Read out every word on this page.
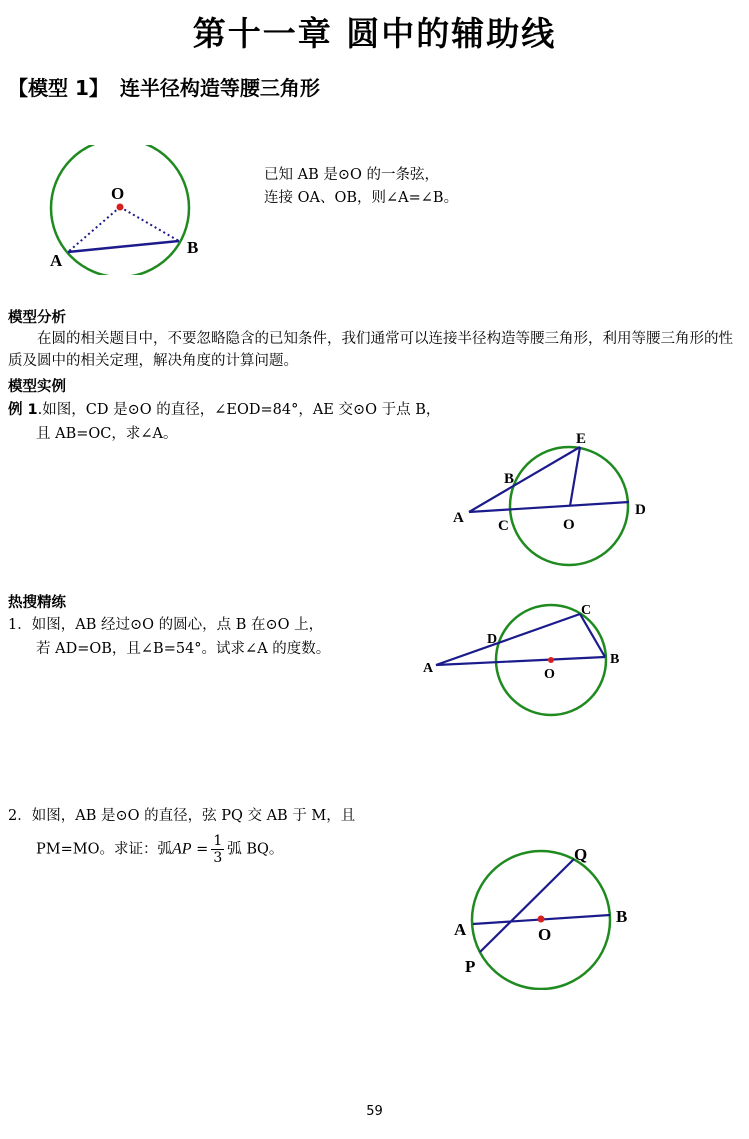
第十一章 圆中的辅助线
【模型 1】 连半径构造等腰三角形
O
A
B
已知 AB 是⊙O 的一条弦，
连接 OA、OB，则∠A=∠B。
模型分析
在圆的相关题目中，不要忽略隐含的已知条件，我们通常可以连接半径构造等腰三角形，利用等腰三角形的性质及圆中的相关定理，解决角度的计算问题。
模型实例
例 1.如图，CD 是⊙O 的直径，∠EOD=84°，AE 交⊙O 于点 B，
且 AB=OC，求∠A。	E
B
A C	O
D
热搜精练
1．如图，AB 经过⊙O 的圆心，点 B 在⊙O 上，
若 AD=OB，且∠B=54°。试求∠A 的度数。
C
D
A	O
B
2．如图，AB 是⊙O 的直径，弦 PQ 交 AB 于 M，且
PM=MO。求证：弧AP = $\frac{1}{3}$ 弧 BQ。	Q
A	O
B
P
59
